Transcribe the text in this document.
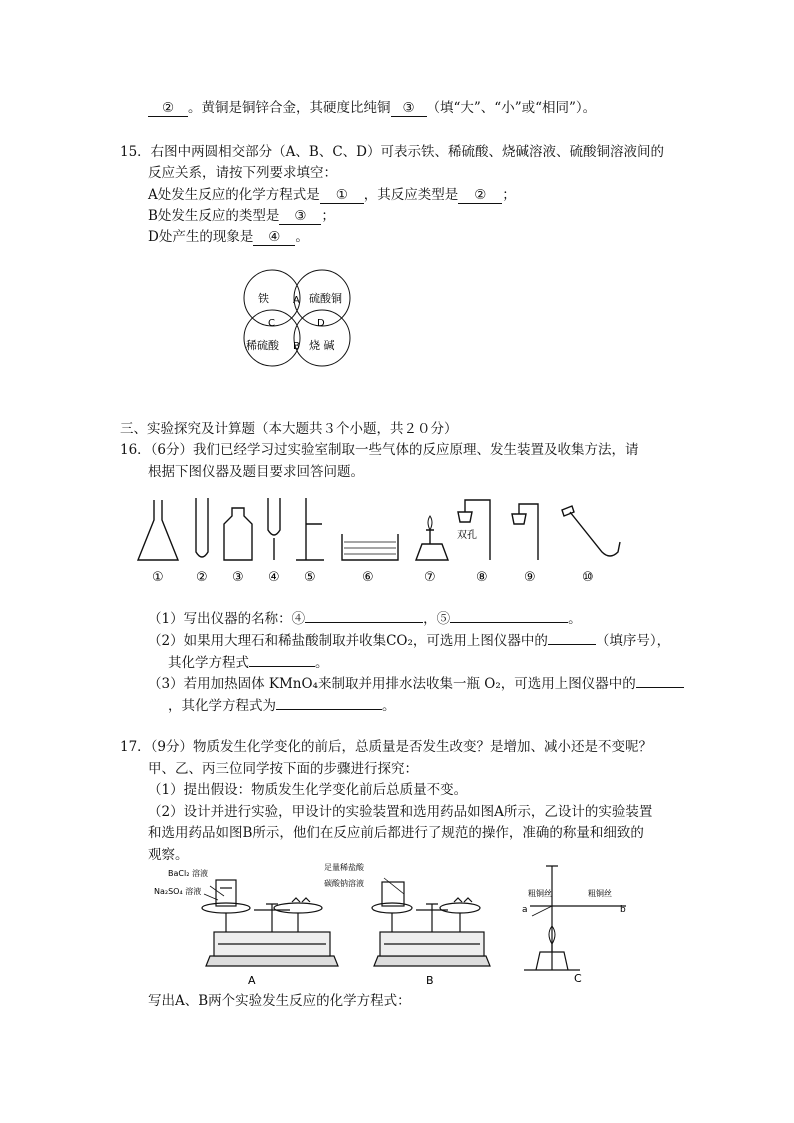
② 。黄铜是铜锌合金，其硬度比纯铜 ③ （填“大”、“小”或“相同”）。
15．右图中两圆相交部分（A、B、C、D）可表示铁、稀硫酸、烧碱溶液、硫酸铜溶液间的
反应关系，请按下列要求填空：
A处发生反应的化学方程式是 ① ，其反应类型是 ② ；
B处发生反应的类型是 ③ ；
D处产生的现象是 ④ 。
铁	硫酸铜
稀硫酸	烧 碱
A
B
C	D
三、实验探究及计算题（本大题共３个小题，共２０分）
16．（6分）我们已经学习过实验室制取一些气体的反应原理、发生装置及收集方法，请
根据下图仪器及题目要求回答问题。
双孔
① ② ③ ④ ⑤	⑥	⑦	⑧	⑨	⑩
（1）写出仪器的名称：④	，⑤	。
（2）如果用大理石和稀盐酸制取并收集CO₂，可选用上图仪器中的	（填序号），
其化学方程式	。
（3）若用加热固体 KMnO₄来制取并用排水法收集一瓶 O₂，可选用上图仪器中的
，其化学方程式为	。
17．（9分）物质发生化学变化的前后，总质量是否发生改变？是增加、减小还是不变呢？
甲、乙、丙三位同学按下面的步骤进行探究：
（1）提出假设：物质发生化学变化前后总质量不变。
（2）设计并进行实验，甲设计的实验装置和选用药品如图A所示，乙设计的实验装置
和选用药品如图B所示，他们在反应前后都进行了规范的操作，准确的称量和细致的
观察。
BaCl₂ 溶液
Na₂SO₄ 溶液
足量稀盐酸
碳酸钠溶液
粗铜丝	粗铜丝
a	b
A	B	C
写出A、B两个实验发生反应的化学方程式：
